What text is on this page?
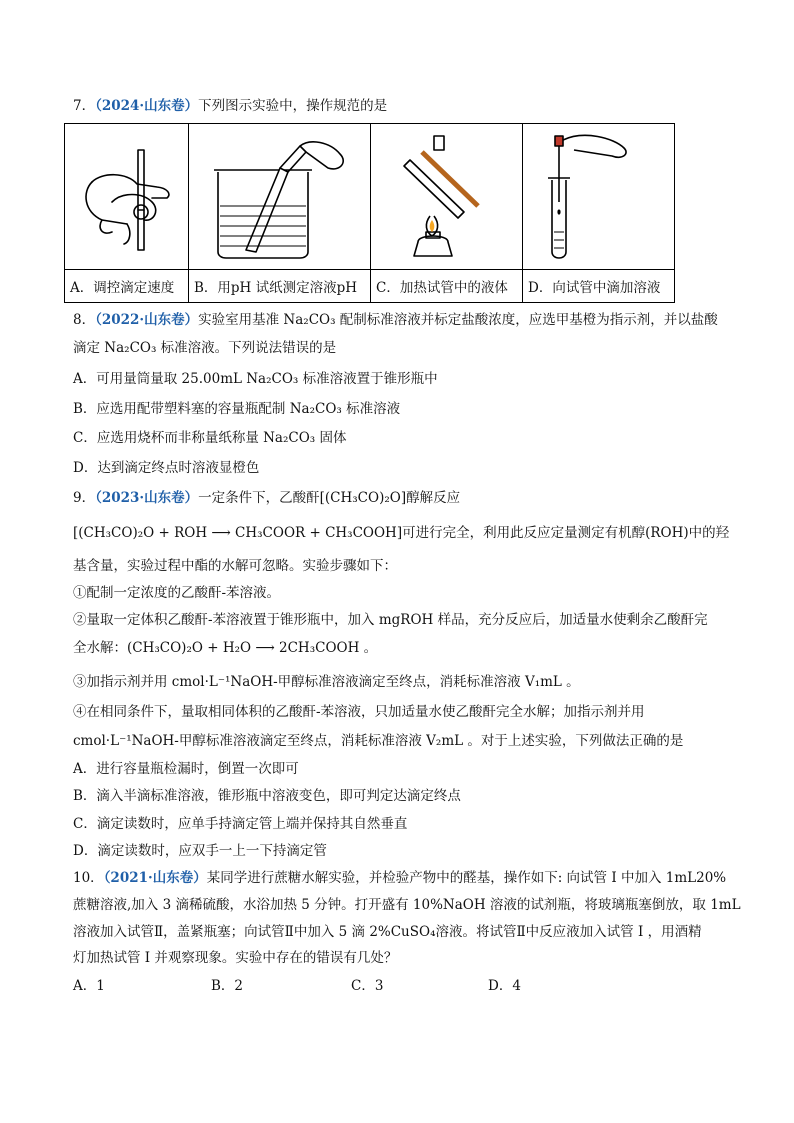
7．（2024·山东卷）下列图示实验中，操作规范的是

A．调控滴定速度	B．用pH 试纸测定溶液pH	C．加热试管中的液体	D．向试管中滴加溶液
8．（2022·山东卷）实验室用基准 Na₂CO₃ 配制标准溶液并标定盐酸浓度，应选甲基橙为指示剂，并以盐酸
滴定 Na₂CO₃ 标准溶液。下列说法错误的是
A．可用量筒量取 25.00mL Na₂CO₃ 标准溶液置于锥形瓶中
B．应选用配带塑料塞的容量瓶配制 Na₂CO₃ 标准溶液
C．应选用烧杯而非称量纸称量 Na₂CO₃ 固体
D．达到滴定终点时溶液显橙色
9．（2023·山东卷）一定条件下，乙酸酐[(CH₃CO)₂O]醇解反应
[(CH₃CO)₂O + ROH ⟶ CH₃COOR + CH₃COOH]可进行完全，利用此反应定量测定有机醇(ROH)中的羟
基含量，实验过程中酯的水解可忽略。实验步骤如下：
①配制一定浓度的乙酸酐-苯溶液。
②量取一定体积乙酸酐-苯溶液置于锥形瓶中，加入 mgROH 样品，充分反应后，加适量水使剩余乙酸酐完
全水解：(CH₃CO)₂O + H₂O ⟶ 2CH₃COOH 。
③加指示剂并用 cmol·L⁻¹NaOH-甲醇标准溶液滴定至终点，消耗标准溶液 V₁mL 。
④在相同条件下，量取相同体积的乙酸酐-苯溶液，只加适量水使乙酸酐完全水解；加指示剂并用
cmol·L⁻¹NaOH-甲醇标准溶液滴定至终点，消耗标准溶液 V₂mL 。对于上述实验，下列做法正确的是
A．进行容量瓶检漏时，倒置一次即可
B．滴入半滴标准溶液，锥形瓶中溶液变色，即可判定达滴定终点
C．滴定读数时，应单手持滴定管上端并保持其自然垂直
D．滴定读数时，应双手一上一下持滴定管
10．（2021·山东卷）某同学进行蔗糖水解实验，并检验产物中的醛基，操作如下: 向试管 I 中加入 1mL20%
蔗糖溶液,加入 3 滴稀硫酸，水浴加热 5 分钟。打开盛有 10%NaOH 溶液的试剂瓶，将玻璃瓶塞倒放，取 1mL
溶液加入试管Ⅱ，盖紧瓶塞；向试管Ⅱ中加入 5 滴 2%CuSO₄溶液。将试管Ⅱ中反应液加入试管 I ，用酒精
灯加热试管 I 并观察现象。实验中存在的错误有几处？
A．1	B．2	C．3	D．4
